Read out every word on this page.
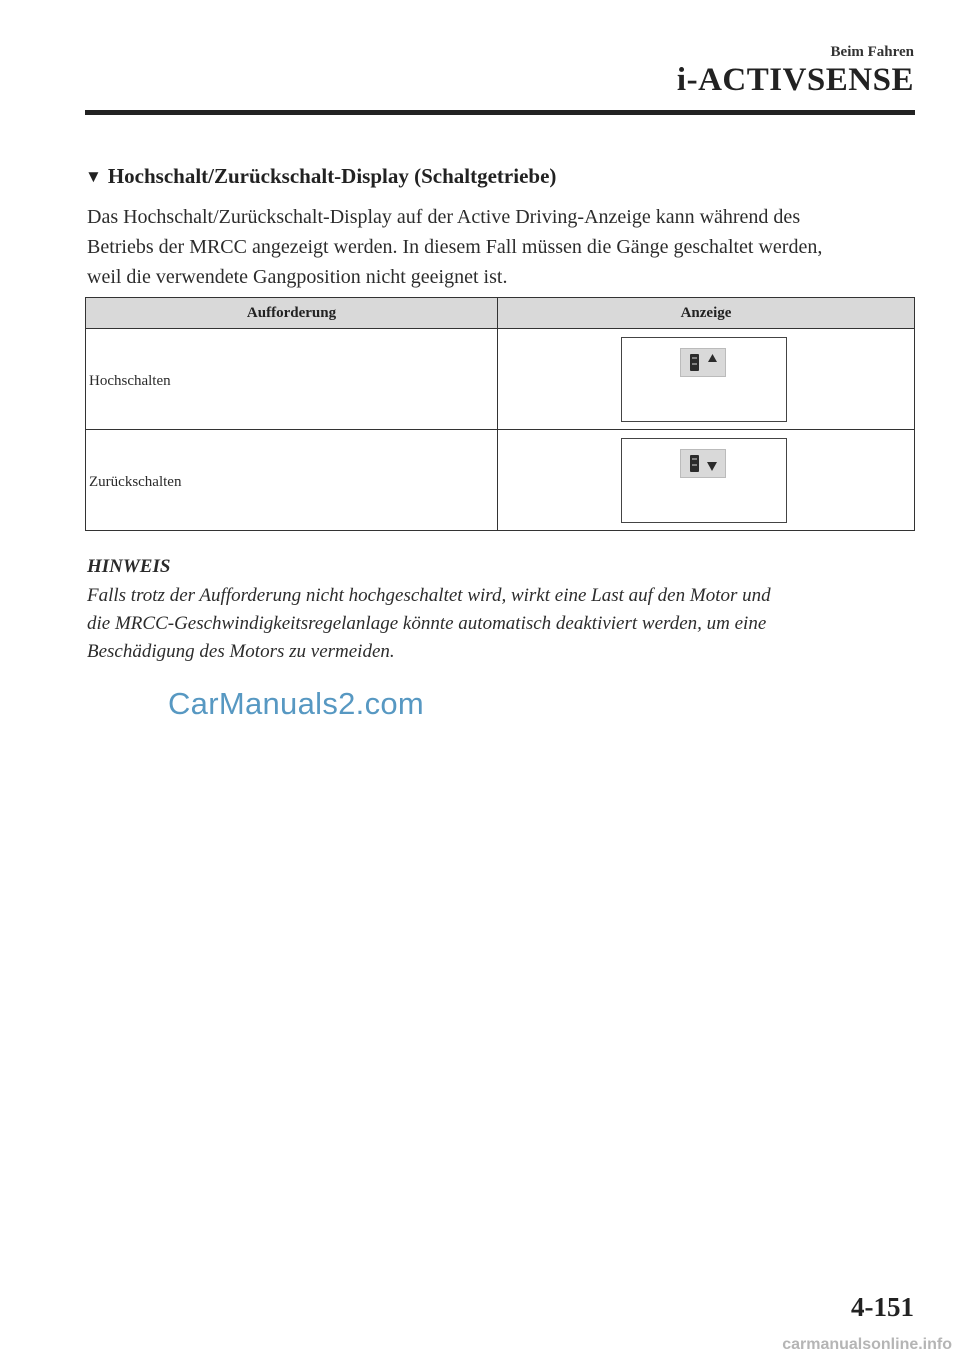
Beim Fahren
i-ACTIVSENSE
▼ Hochschalt/Zurückschalt-Display (Schaltgetriebe)
Das Hochschalt/Zurückschalt-Display auf der Active Driving-Anzeige kann während des
Betriebs der MRCC angezeigt werden. In diesem Fall müssen die Gänge geschaltet werden,
weil die verwendete Gangposition nicht geeignet ist.
Aufforderung	Anzeige

Hochschalten

Zurückschalten

HINWEIS
Falls trotz der Aufforderung nicht hochgeschaltet wird, wirkt eine Last auf den Motor und
die MRCC-Geschwindigkeitsregelanlage könnte automatisch deaktiviert werden, um eine
Beschädigung des Motors zu vermeiden.
CarManuals2.com
4-151
carmanualsonline.info
